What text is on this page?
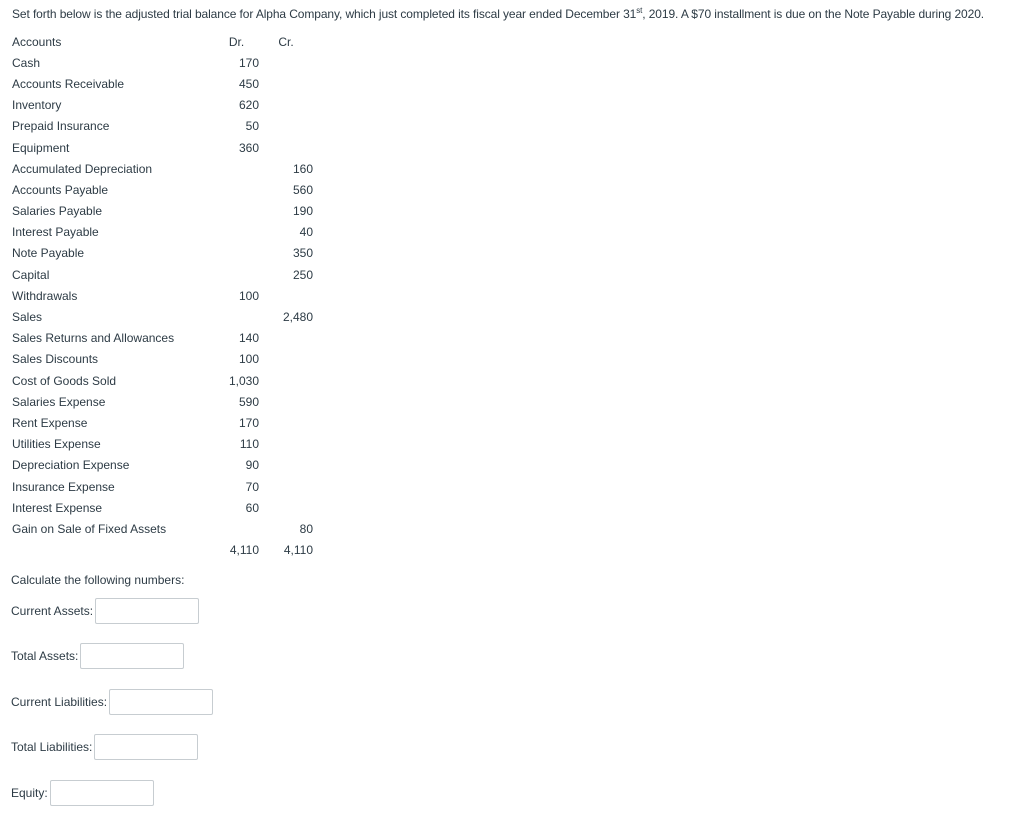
Set forth below is the adjusted trial balance for Alpha Company, which just completed its fiscal year ended December 31st, 2019. A $70 installment is due on the Note Payable during 2020.
Accounts	Dr.	Cr.
Cash	170	
Accounts Receivable	450	
Inventory	620	
Prepaid Insurance	50	
Equipment	360	
Accumulated Depreciation		160
Accounts Payable		560
Salaries Payable		190
Interest Payable		40
Note Payable		350
Capital		250
Withdrawals	100	
Sales		2,480
Sales Returns and Allowances	140	
Sales Discounts	100	
Cost of Goods Sold	1,030	
Salaries Expense	590	
Rent Expense	170	
Utilities Expense	110	
Depreciation Expense	90	
Insurance Expense	70	
Interest Expense	60	
Gain on Sale of Fixed Assets		80
	4,110	4,110
Calculate the following numbers:
Current Assets:
Total Assets:
Current Liabilities:
Total Liabilities:
Equity:
